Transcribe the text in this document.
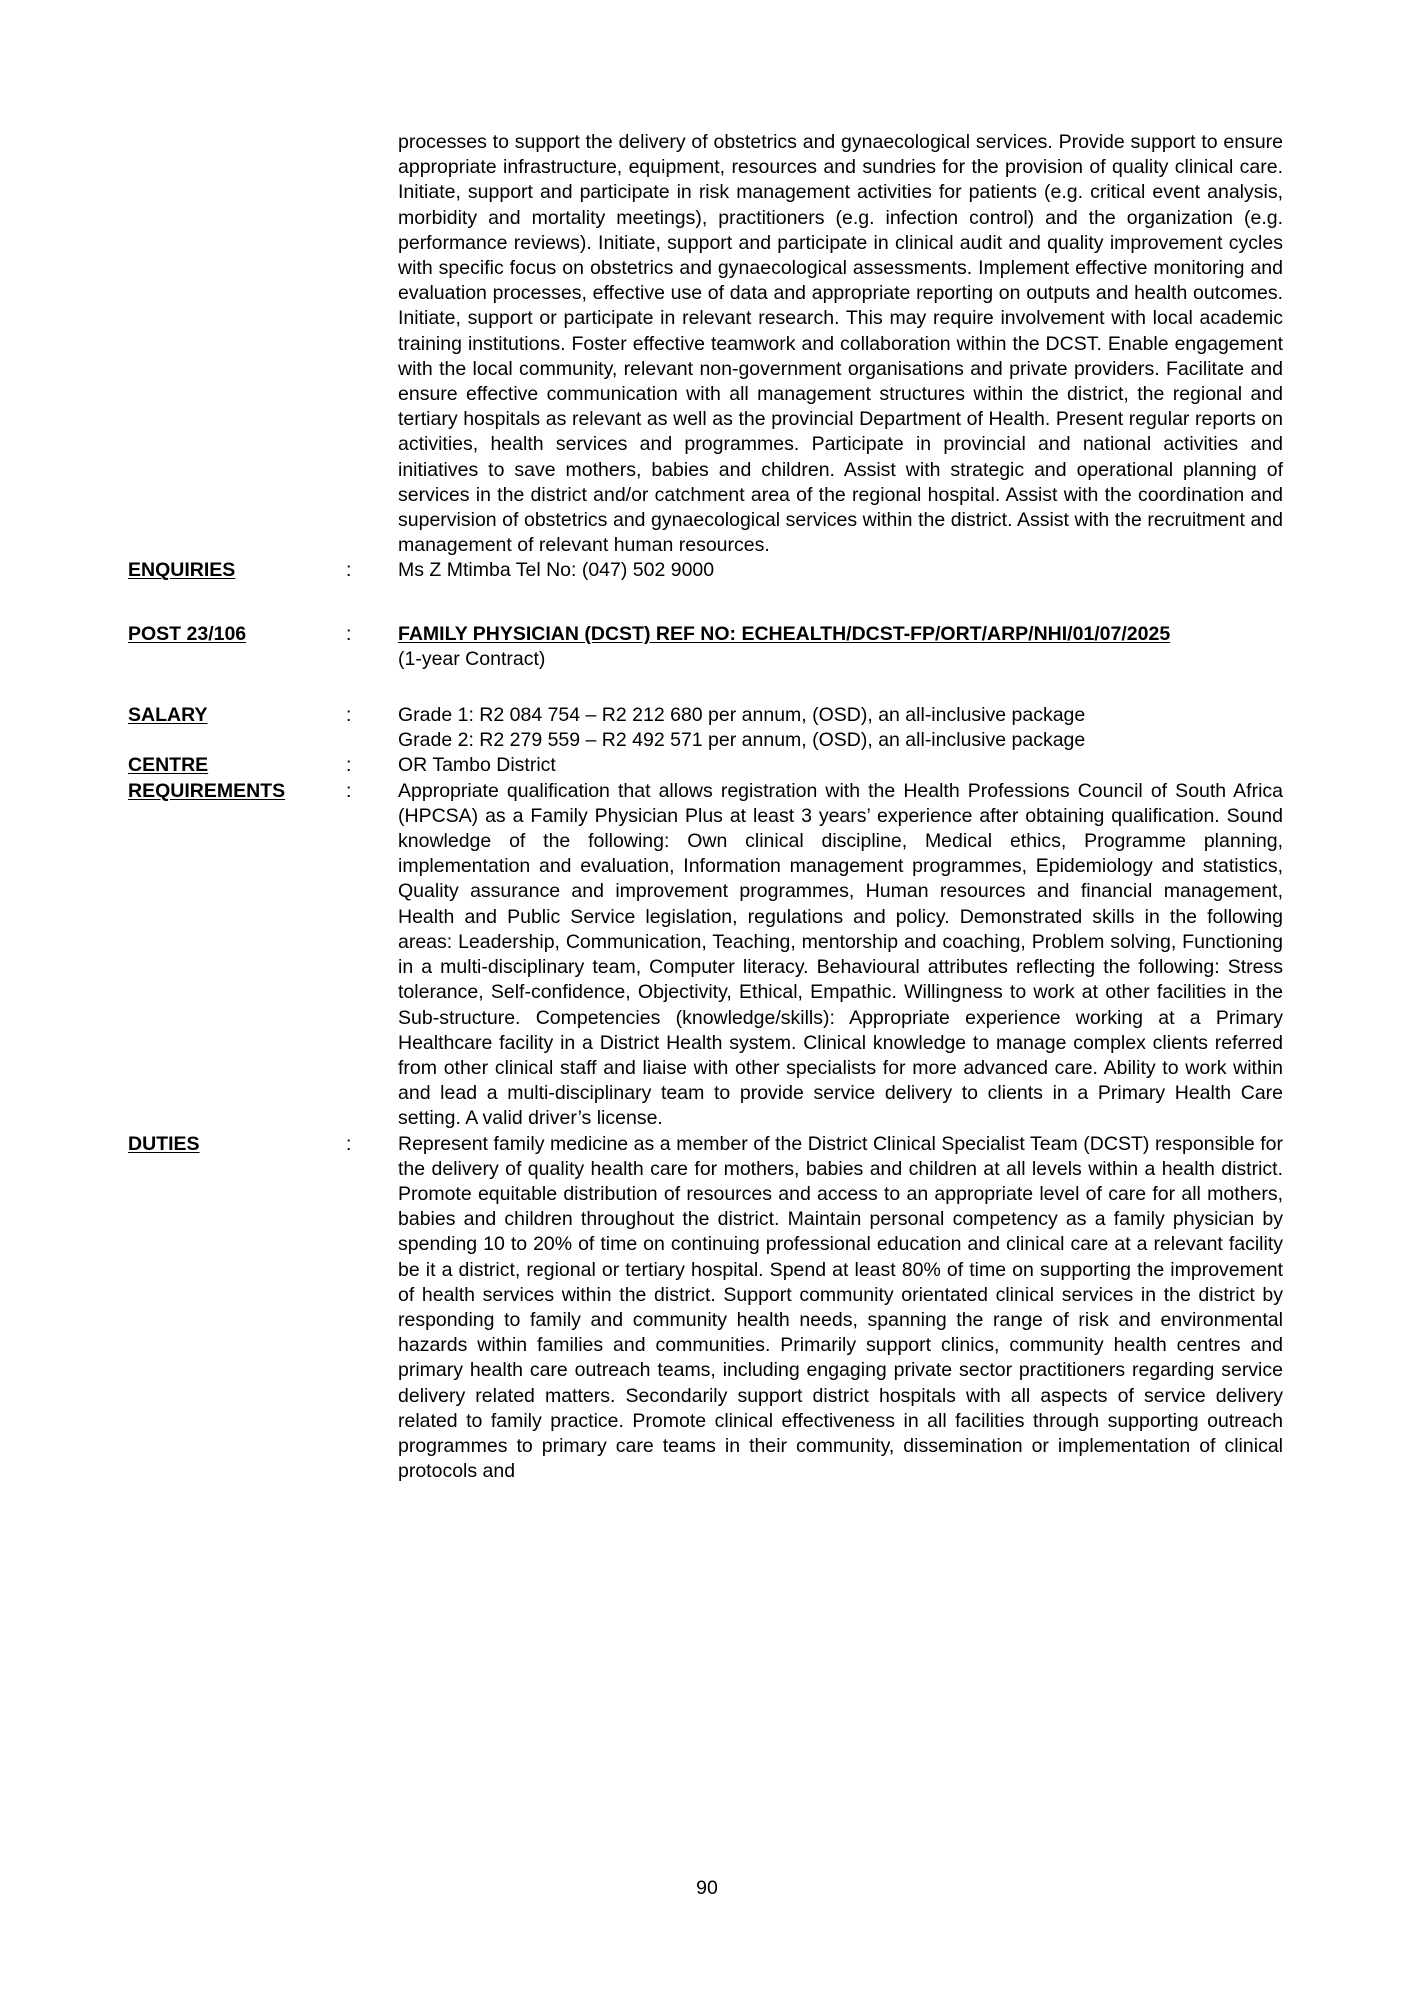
processes to support the delivery of obstetrics and gynaecological services. Provide support to ensure appropriate infrastructure, equipment, resources and sundries for the provision of quality clinical care. Initiate, support and participate in risk management activities for patients (e.g. critical event analysis, morbidity and mortality meetings), practitioners (e.g. infection control) and the organization (e.g. performance reviews). Initiate, support and participate in clinical audit and quality improvement cycles with specific focus on obstetrics and gynaecological assessments. Implement effective monitoring and evaluation processes, effective use of data and appropriate reporting on outputs and health outcomes. Initiate, support or participate in relevant research. This may require involvement with local academic training institutions. Foster effective teamwork and collaboration within the DCST. Enable engagement with the local community, relevant non-government organisations and private providers. Facilitate and ensure effective communication with all management structures within the district, the regional and tertiary hospitals as relevant as well as the provincial Department of Health. Present regular reports on activities, health services and programmes. Participate in provincial and national activities and initiatives to save mothers, babies and children. Assist with strategic and operational planning of services in the district and/or catchment area of the regional hospital. Assist with the coordination and supervision of obstetrics and gynaecological services within the district. Assist with the recruitment and management of relevant human resources.
ENQUIRIES	:	Ms Z Mtimba Tel No: (047) 502 9000
POST 23/106	:	FAMILY PHYSICIAN (DCST) REF NO: ECHEALTH/DCST-FP/ORT/ARP/NHI/01/07/2025
(1-year Contract)
SALARY	:	Grade 1: R2 084 754 – R2 212 680 per annum, (OSD), an all-inclusive package
Grade 2: R2 279 559 – R2 492 571 per annum, (OSD), an all-inclusive package
CENTRE	:	OR Tambo District
REQUIREMENTS	:	Appropriate qualification that allows registration with the Health Professions Council of South Africa (HPCSA) as a Family Physician Plus at least 3 years’ experience after obtaining qualification. Sound knowledge of the following: Own clinical discipline, Medical ethics, Programme planning, implementation and evaluation, Information management programmes, Epidemiology and statistics, Quality assurance and improvement programmes, Human resources and financial management, Health and Public Service legislation, regulations and policy. Demonstrated skills in the following areas: Leadership, Communication, Teaching, mentorship and coaching, Problem solving, Functioning in a multi-disciplinary team, Computer literacy. Behavioural attributes reflecting the following: Stress tolerance, Self-confidence, Objectivity, Ethical, Empathic. Willingness to work at other facilities in the Sub-structure. Competencies (knowledge/skills): Appropriate experience working at a Primary Healthcare facility in a District Health system. Clinical knowledge to manage complex clients referred from other clinical staff and liaise with other specialists for more advanced care. Ability to work within and lead a multi-disciplinary team to provide service delivery to clients in a Primary Health Care setting. A valid driver’s license.
DUTIES	:	Represent family medicine as a member of the District Clinical Specialist Team (DCST) responsible for the delivery of quality health care for mothers, babies and children at all levels within a health district. Promote equitable distribution of resources and access to an appropriate level of care for all mothers, babies and children throughout the district. Maintain personal competency as a family physician by spending 10 to 20% of time on continuing professional education and clinical care at a relevant facility be it a district, regional or tertiary hospital. Spend at least 80% of time on supporting the improvement of health services within the district. Support community orientated clinical services in the district by responding to family and community health needs, spanning the range of risk and environmental hazards within families and communities. Primarily support clinics, community health centres and primary health care outreach teams, including engaging private sector practitioners regarding service delivery related matters. Secondarily support district hospitals with all aspects of service delivery related to family practice. Promote clinical effectiveness in all facilities through supporting outreach programmes to primary care teams in their community, dissemination or implementation of clinical protocols and
90
